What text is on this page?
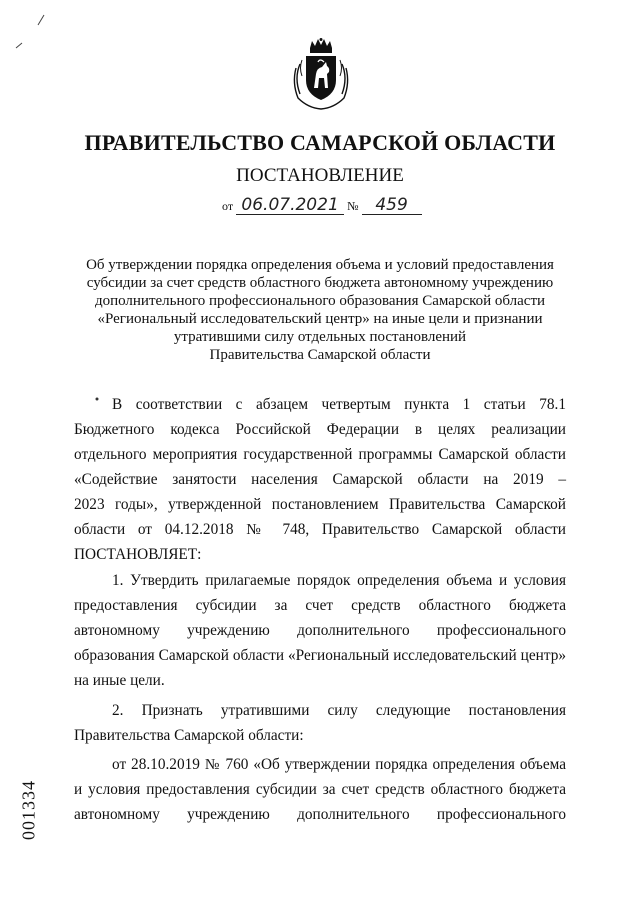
ПРАВИТЕЛЬСТВО САМАРСКОЙ ОБЛАСТИ
ПОСТАНОВЛЕНИЕ
от 06.07.2021 № 459
Об утверждении порядка определения объема и условий предоставления
субсидии за счет средств областного бюджета автономному учреждению
дополнительного профессионального образования Самарской области
«Региональный исследовательский центр» на иные цели и признании
утратившими силу отдельных постановлений
Правительства Самарской области
В соответствии с абзацем четвертым пункта 1 статьи 78.1
Бюджетного кодекса Российской Федерации в целях реализации
отдельного мероприятия государственной программы Самарской области
«Содействие занятости населения Самарской области на 2019 –
2023 годы», утвержденной постановлением Правительства Самарской
области от 04.12.2018 № 748, Правительство Самарской области
ПОСТАНОВЛЯЕТ:
1. Утвердить прилагаемые порядок определения объема и условия
предоставления субсидии за счет средств областного бюджета
автономному учреждению дополнительного профессионального
образования Самарской области «Региональный исследовательский центр»
на иные цели.
2. Признать утратившими силу следующие постановления
Правительства Самарской области:
от 28.10.2019 № 760 «Об утверждении порядка определения объема
и условия предоставления субсидии за счет средств областного бюджета
автономному учреждению дополнительного профессионального
001334
